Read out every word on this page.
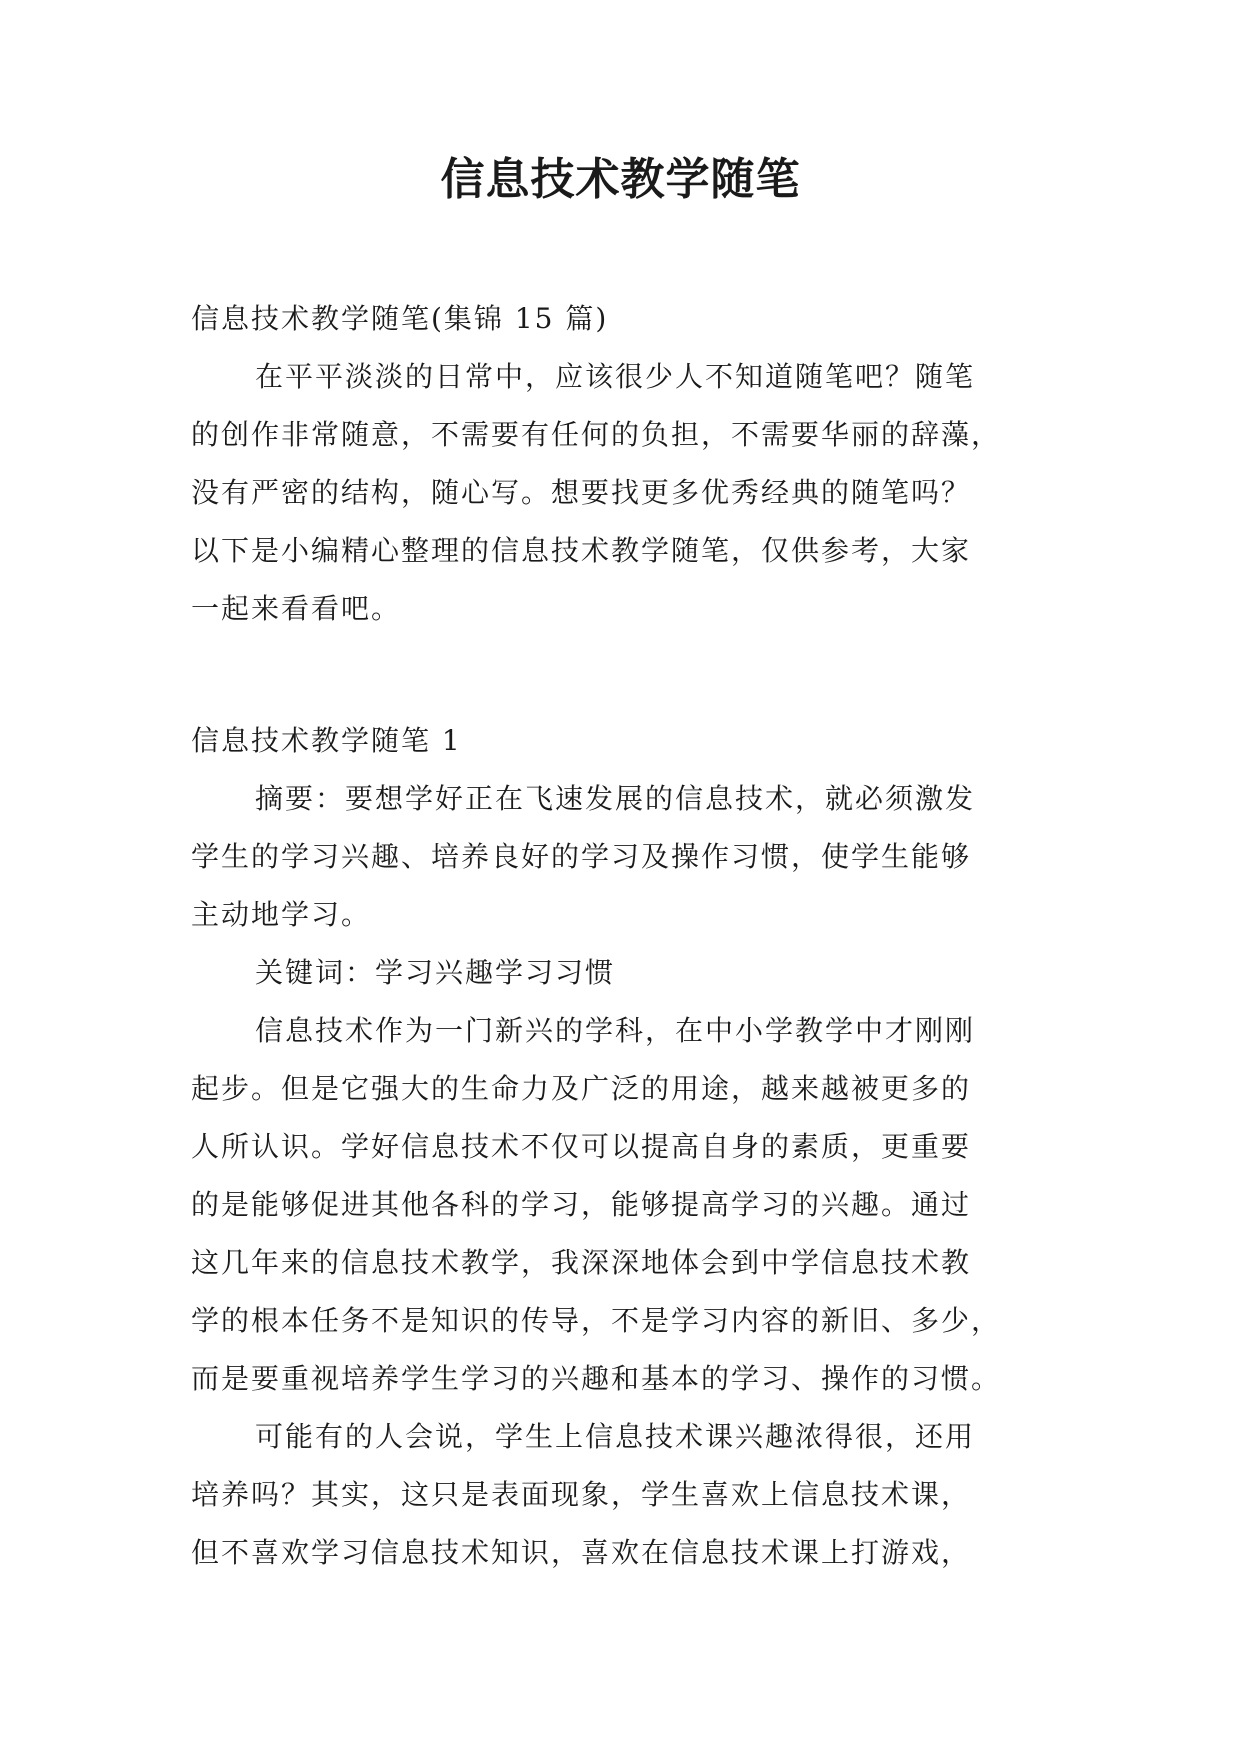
信息技术教学随笔
信息技术教学随笔(集锦 15 篇)
在平平淡淡的日常中，应该很少人不知道随笔吧？随笔
的创作非常随意，不需要有任何的负担，不需要华丽的辞藻，
没有严密的结构，随心写。想要找更多优秀经典的随笔吗？
以下是小编精心整理的信息技术教学随笔，仅供参考，大家
一起来看看吧。
信息技术教学随笔 1
摘要：要想学好正在飞速发展的信息技术，就必须激发
学生的学习兴趣、培养良好的学习及操作习惯，使学生能够
主动地学习。
关键词：学习兴趣学习习惯
信息技术作为一门新兴的学科，在中小学教学中才刚刚
起步。但是它强大的生命力及广泛的用途，越来越被更多的
人所认识。学好信息技术不仅可以提高自身的素质，更重要
的是能够促进其他各科的学习，能够提高学习的兴趣。通过
这几年来的信息技术教学，我深深地体会到中学信息技术教
学的根本任务不是知识的传导，不是学习内容的新旧、多少，
而是要重视培养学生学习的兴趣和基本的学习、操作的习惯。
可能有的人会说，学生上信息技术课兴趣浓得很，还用
培养吗？其实，这只是表面现象，学生喜欢上信息技术课，
但不喜欢学习信息技术知识，喜欢在信息技术课上打游戏，
